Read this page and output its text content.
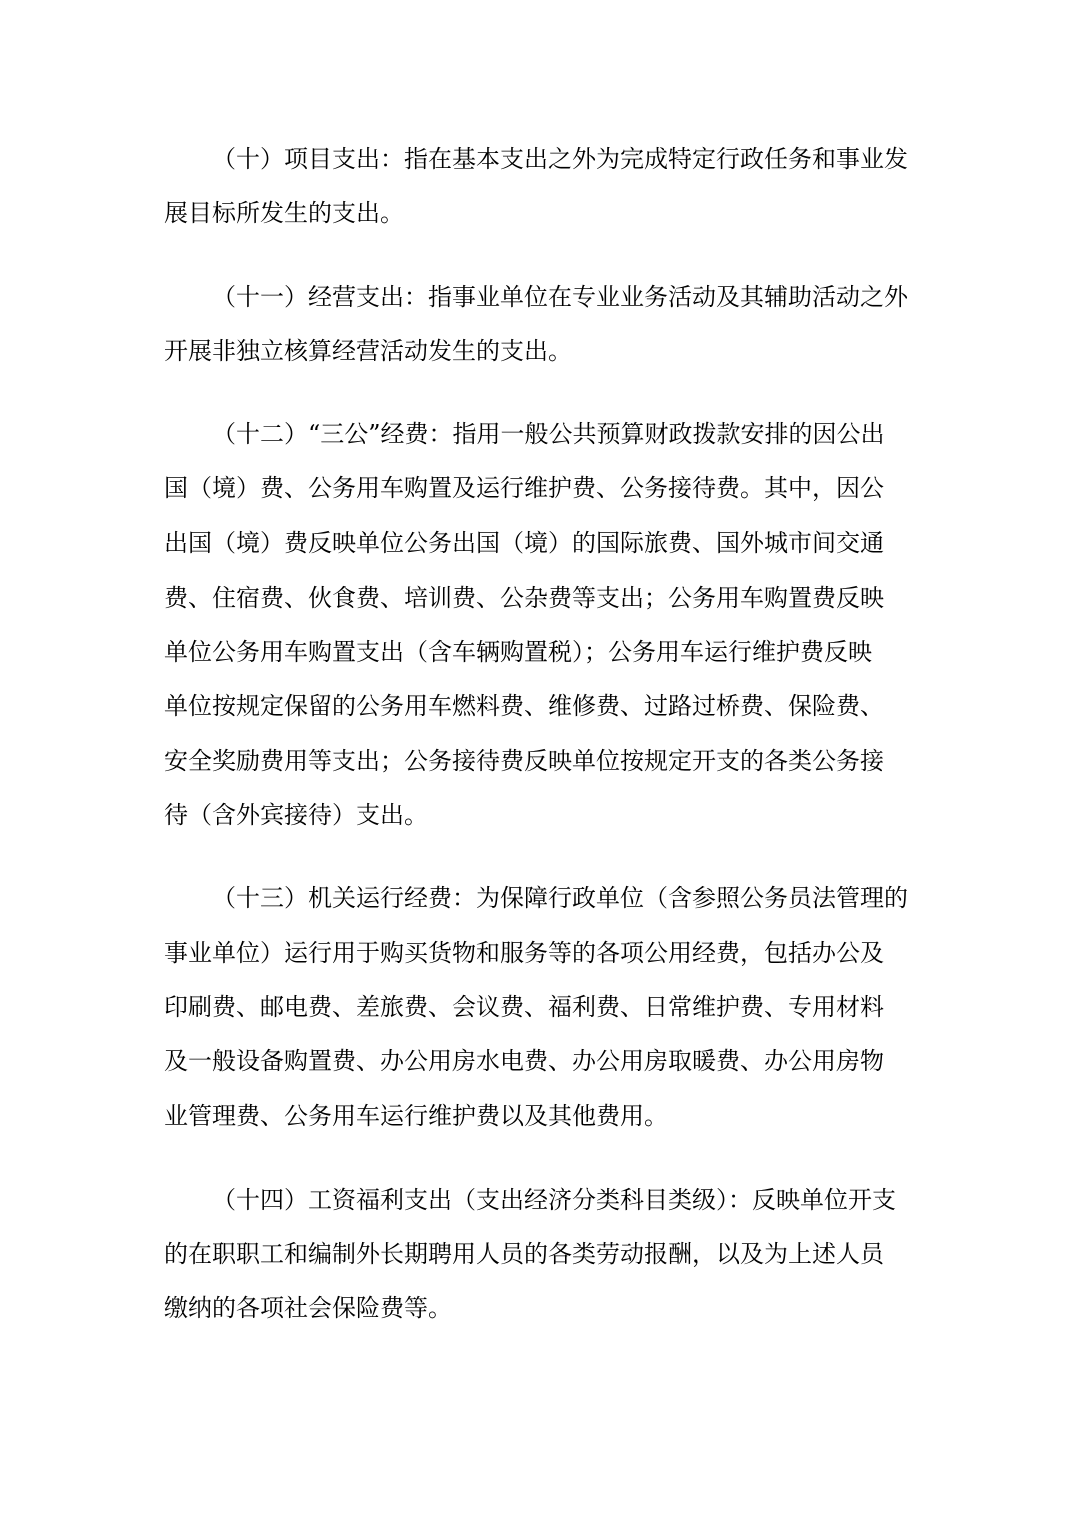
（十）项目支出：指在基本支出之外为完成特定行政任务和事业发
展目标所发生的支出。
（十一）经营支出：指事业单位在专业业务活动及其辅助活动之外
开展非独立核算经营活动发生的支出。
（十二）“三公”经费：指用一般公共预算财政拨款安排的因公出
国（境）费、公务用车购置及运行维护费、公务接待费。其中，因公
出国（境）费反映单位公务出国（境）的国际旅费、国外城市间交通
费、住宿费、伙食费、培训费、公杂费等支出；公务用车购置费反映
单位公务用车购置支出（含车辆购置税）；公务用车运行维护费反映
单位按规定保留的公务用车燃料费、维修费、过路过桥费、保险费、
安全奖励费用等支出；公务接待费反映单位按规定开支的各类公务接
待（含外宾接待）支出。
（十三）机关运行经费：为保障行政单位（含参照公务员法管理的
事业单位）运行用于购买货物和服务等的各项公用经费，包括办公及
印刷费、邮电费、差旅费、会议费、福利费、日常维护费、专用材料
及一般设备购置费、办公用房水电费、办公用房取暖费、办公用房物
业管理费、公务用车运行维护费以及其他费用。
（十四）工资福利支出（支出经济分类科目类级）：反映单位开支
的在职职工和编制外长期聘用人员的各类劳动报酬，以及为上述人员
缴纳的各项社会保险费等。
